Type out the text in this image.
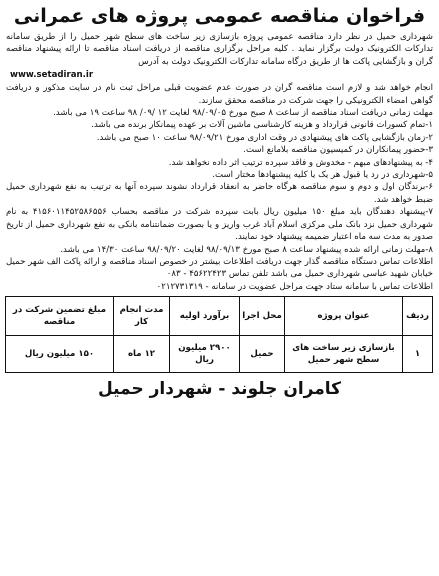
فراخوان مناقصه عمومی پروژه های عمرانی

شهرداری حمیل در نظر دارد مناقصه عمومی پروژه بازسازی زیر ساخت های سطح شهر حمیل را از طریق سامانه تدارکات الکترونیک دولت برگزار نماید . کلیه مراحل برگزاری مناقصه از دریافت اسناد مناقصه تا ارائه پیشنهاد مناقصه گران و بازگشایی پاکت ها از طریق درگاه سامانه تدارکات الکترونیک دولت به آدرس

www.setadiran.ir

انجام خواهد شد و لازم است مناقصه گران در صورت عدم عضویت قبلی مراحل ثبت نام در سایت مذکور و دریافت گواهی امضاء الکترونیکی را جهت شرکت در مناقصه محقق سازند.

مهلت زمانی دریافت اسناد مناقصه از ساعت ۸ صبح مورخ ۹۸/۰۹/۰۵ لغایت ۱۲ /۰۹/ ۹۸ ساعت ۱۹ می باشد.

۱-تمام کسورات قانونی قرارداد و هزینه کارشناسی ماشین آلات بر عهده پیمانکار برنده می باشد.

۲-زمان بازگشایی پاکت های پیشنهادی در وقت اداری مورخ ۹۸/۰۹/۲۱ ساعت ۱۰ صبح می باشد.

۳-حضور پیمانکاران در کمیسیون مناقصه بلامانع است.

۴- به پیشنهادهای مبهم - مخدوش و فاقد سپرده ترتیب اثر داده نخواهد شد.

۵-شهرداری در رد یا قبول هر یک یا کلیه پیشنهادها مختار است.

۶-برندگان اول و دوم و سوم مناقصه هرگاه حاضر به انعقاد قرارداد نشوند سپرده آنها به ترتیب به نفع شهرداری حمیل ضبط خواهد شد.

۷-پیشنهاد دهندگان باید مبلغ ۱۵۰ میلیون ریال بابت سپرده شرکت در مناقصه بحساب ۴۱۵۶۰۱۱۴۵۲۵۸۶۵۵۶ به نام شهرداری حمیل نزد بانک ملی مرکزی اسلام آباد غرب واریز و یا بصورت ضمانتنامه بانکی به نفع شهرداری حمیل از تاریخ صدور به مدت سه ماه اعتبار ضمیمه پیشنهاد خود نمایند.

۸-مهلت زمانی ارائه شده پیشنهاد ساعت ۸ صبح مورخ ۹۸/۰۹/۱۳ لغایت ۹۸/۰۹/۲۰ ساعت ۱۴/۳۰ می باشد.

اطلاعات تماس دستگاه مناقصه گذار جهت دریافت اطلاعات بیشتر در خصوص اسناد مناقصه و ارائه پاکت الف شهر حمیل خیابان شهید عباسی شهرداری حمیل می باشد تلفن تماس ۴۵۶۲۲۴۲۳ - ۰۸۳

اطلاعات تماس با سامانه ستاد جهت مراحل عضویت در سامانه - ۰۲۱۲۷۳۱۳۱۹

ردیف	عنوان پروژه	محل اجرا	برآورد اولیه	مدت انجام کار	مبلغ تضمین شرکت در مناقصه
۱	بازسازی زیر ساخت های سطح شهر حمیل	حمیل	۲۹۰۰ میلیون ریال	۱۲ ماه	۱۵۰ میلیون ریال
کامران جلوند - شهردار حمیل
